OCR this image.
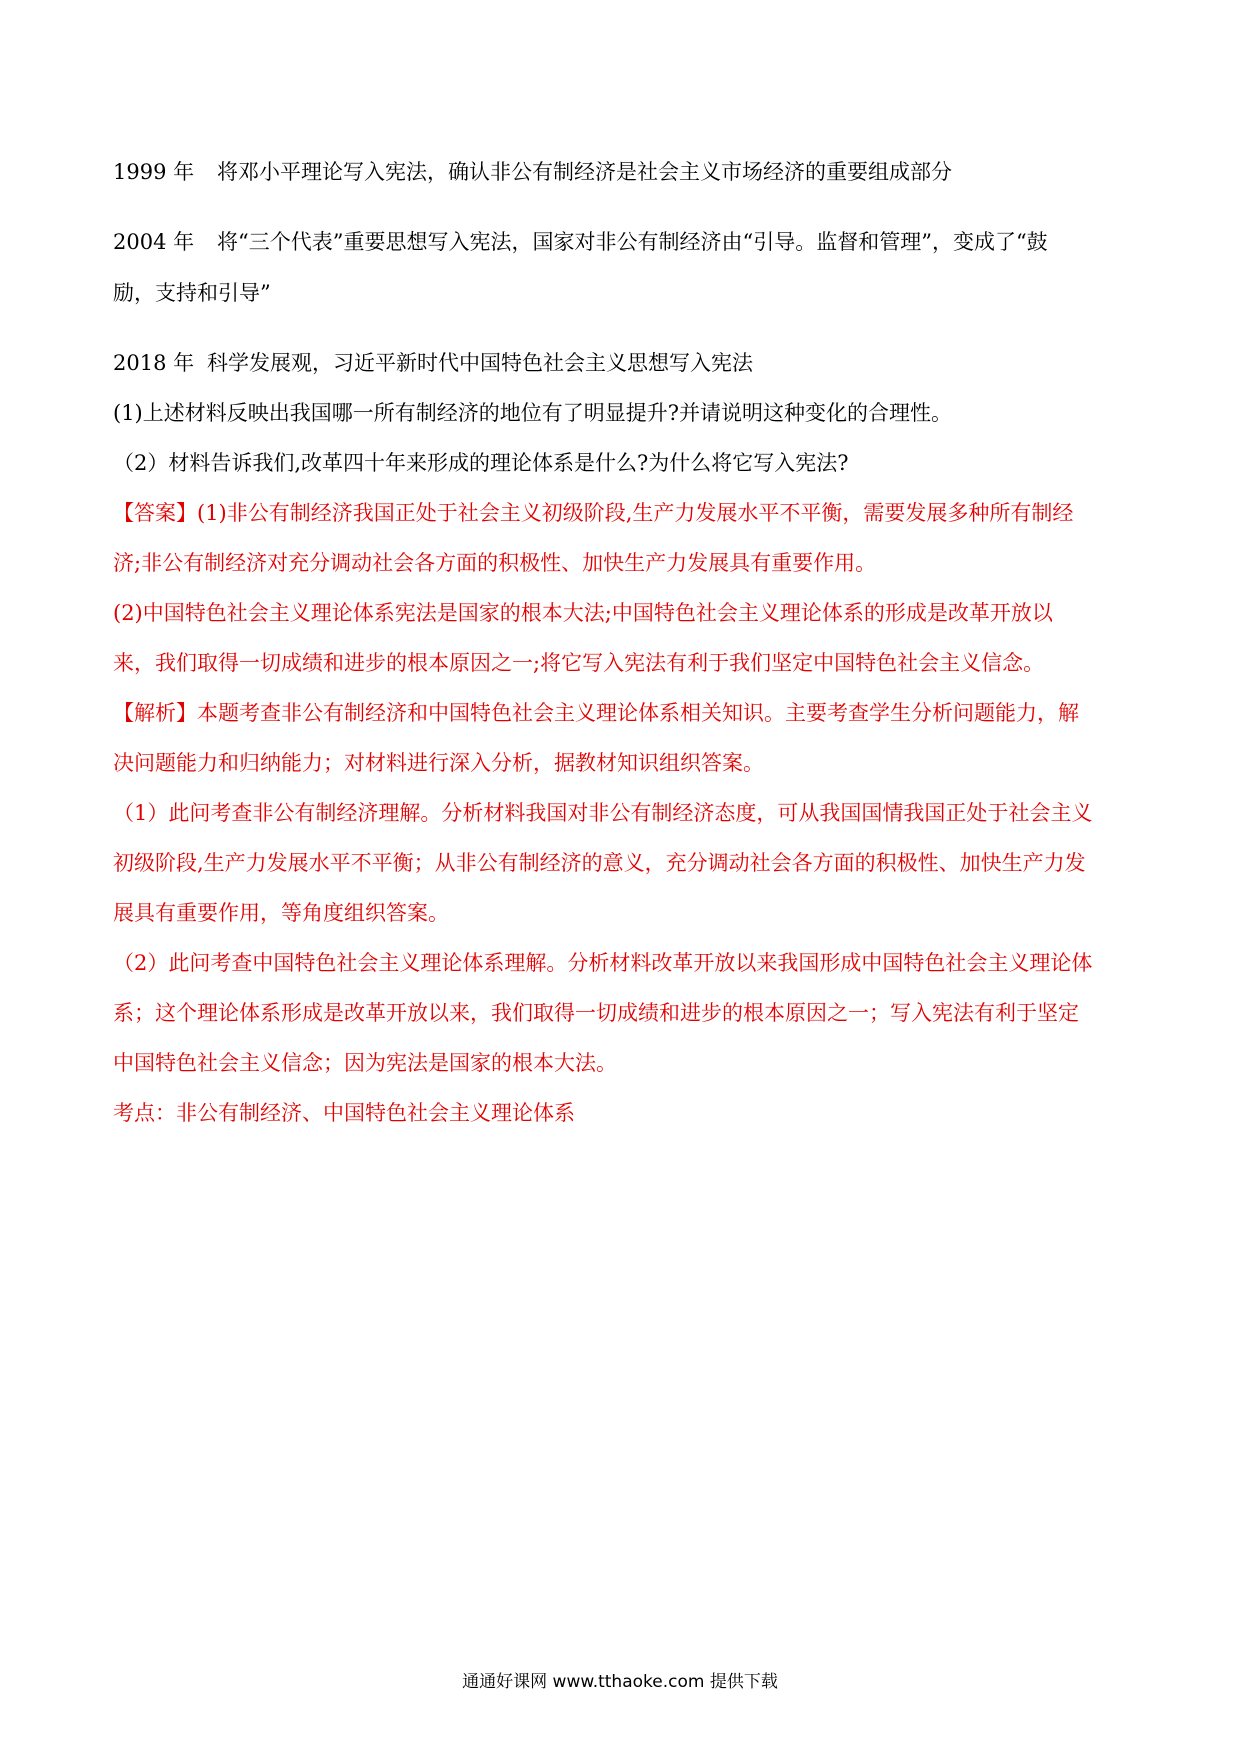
1999 年 将邓小平理论写入宪法，确认非公有制经济是社会主义市场经济的重要组成部分
2004 年 将“三个代表”重要思想写入宪法，国家对非公有制经济由“引导。监督和管理”，变成了“鼓
励，支持和引导”
2018 年 科学发展观，习近平新时代中国特色社会主义思想写入宪法
(1)上述材料反映出我国哪一所有制经济的地位有了明显提升?并请说明这种变化的合理性。
（2）材料告诉我们,改革四十年来形成的理论体系是什么?为什么将它写入宪法?
【答案】(1)非公有制经济我国正处于社会主义初级阶段,生产力发展水平不平衡，需要发展多种所有制经
济;非公有制经济对充分调动社会各方面的积极性、加快生产力发展具有重要作用。
(2)中国特色社会主义理论体系宪法是国家的根本大法;中国特色社会主义理论体系的形成是改革开放以
来，我们取得一切成绩和进步的根本原因之一;将它写入宪法有利于我们坚定中国特色社会主义信念。
【解析】本题考查非公有制经济和中国特色社会主义理论体系相关知识。主要考查学生分析问题能力，解
决问题能力和归纳能力；对材料进行深入分析，据教材知识组织答案。
（1）此问考查非公有制经济理解。分析材料我国对非公有制经济态度，可从我国国情我国正处于社会主义
初级阶段,生产力发展水平不平衡；从非公有制经济的意义，充分调动社会各方面的积极性、加快生产力发
展具有重要作用，等角度组织答案。
（2）此问考查中国特色社会主义理论体系理解。分析材料改革开放以来我国形成中国特色社会主义理论体
系；这个理论体系形成是改革开放以来，我们取得一切成绩和进步的根本原因之一；写入宪法有利于坚定
中国特色社会主义信念；因为宪法是国家的根本大法。
考点：非公有制经济、中国特色社会主义理论体系
通通好课网 www.tthaoke.com 提供下载
